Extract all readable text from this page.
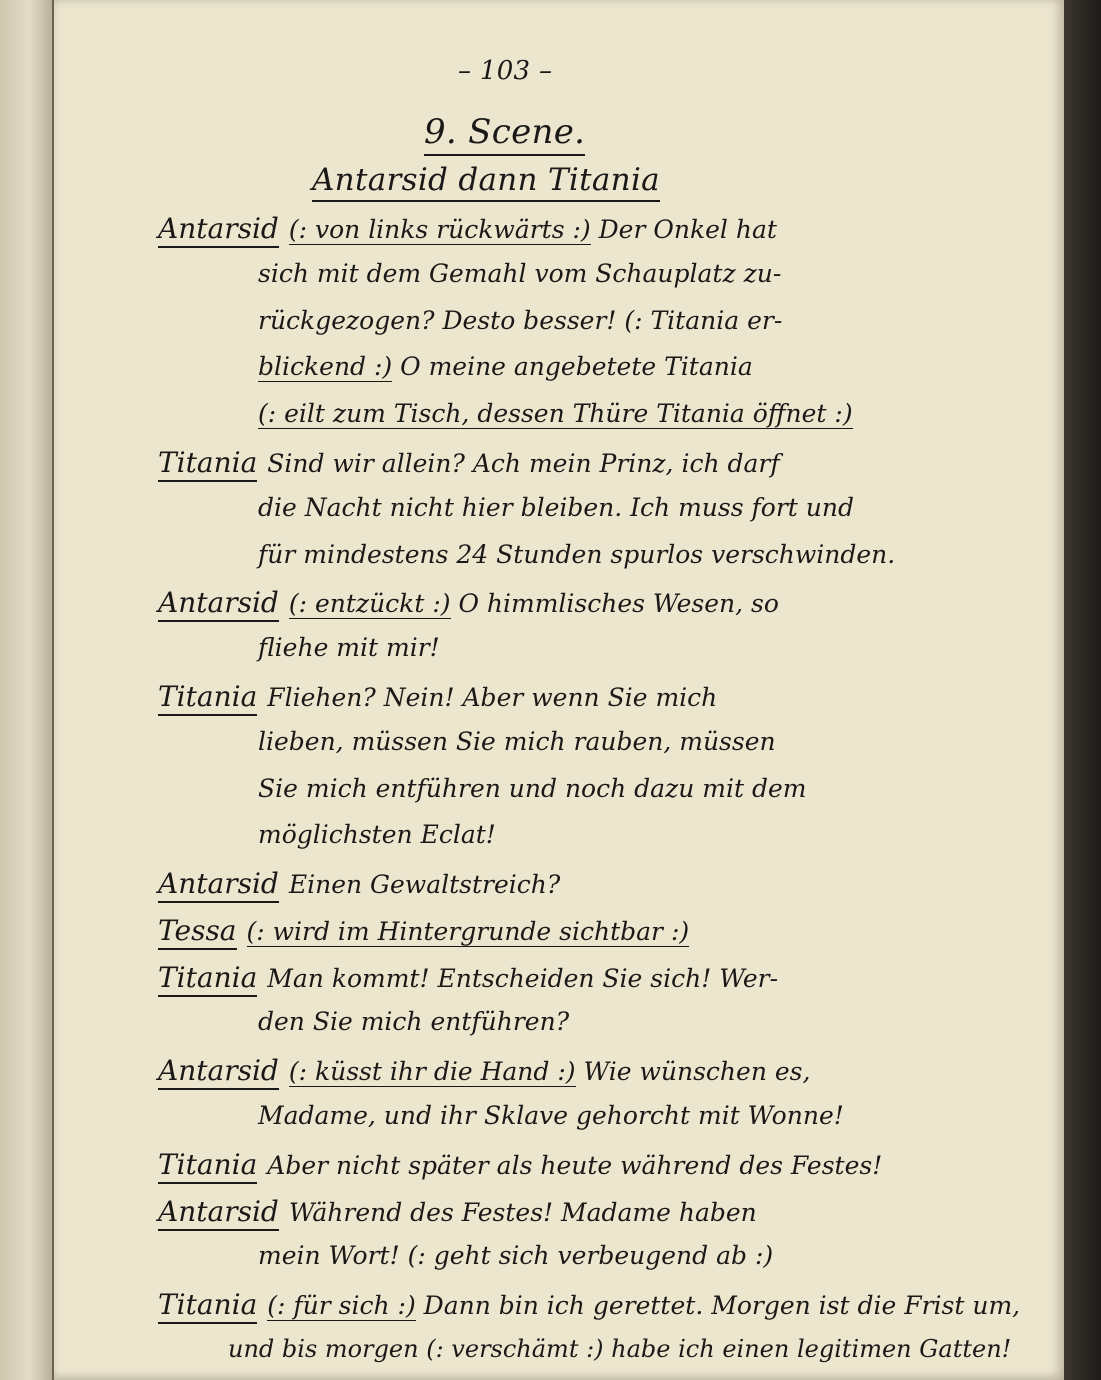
– 103 –
9. Scene.
Antarsid dann Titania
Antarsid (: von links rückwärts :) Der Onkel hat
sich mit dem Gemahl vom Schauplatz zu-
rückgezogen? Desto besser! (: Titania er-
blickend :) O meine angebetete Titania
(: eilt zum Tisch, dessen Thüre Titania öffnet :)
Titania Sind wir allein? Ach mein Prinz, ich darf
die Nacht nicht hier bleiben. Ich muss fort und
für mindestens 24 Stunden spurlos verschwinden.
Antarsid (: entzückt :) O himmlisches Wesen, so
fliehe mit mir!
Titania Fliehen? Nein! Aber wenn Sie mich
lieben, müssen Sie mich rauben, müssen
Sie mich entführen und noch dazu mit dem
möglichsten Eclat!
Antarsid Einen Gewaltstreich?
Tessa (: wird im Hintergrunde sichtbar :)
Titania Man kommt! Entscheiden Sie sich! Wer-
den Sie mich entführen?
Antarsid (: küsst ihr die Hand :) Wie wünschen es,
Madame, und ihr Sklave gehorcht mit Wonne!
Titania Aber nicht später als heute während des Festes!
Antarsid Während des Festes! Madame haben
mein Wort! (: geht sich verbeugend ab :)
Titania (: für sich :) Dann bin ich gerettet. Morgen ist die Frist um,
und bis morgen (: verschämt :) habe ich einen legitimen Gatten!
